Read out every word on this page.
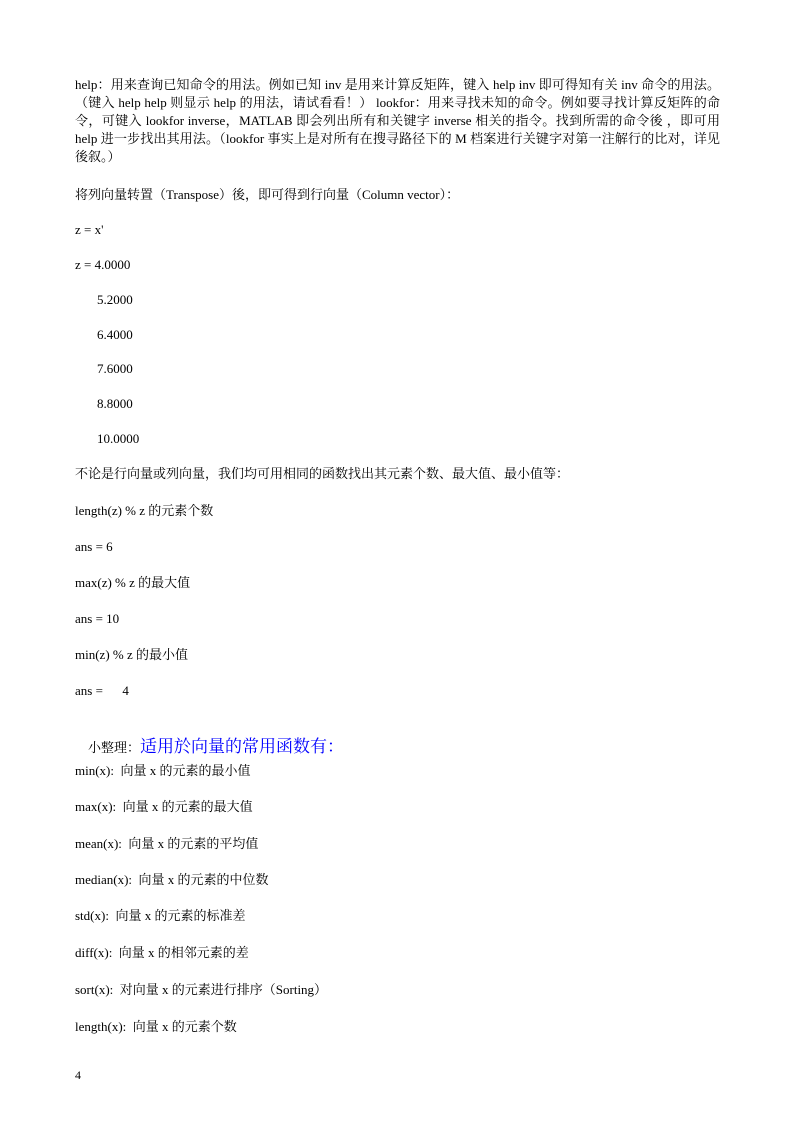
help：用来查询已知命令的用法。例如已知 inv 是用来计算反矩阵，键入 help inv 即可得知有关 inv 命令的用法。（键入 help help 则显示 help 的用法，请试看看！） lookfor：用来寻找未知的命令。例如要寻找计算反矩阵的命令，可键入 lookfor inverse，MATLAB 即会列出所有和关键字 inverse 相关的指令。找到所需的命令後 ，即可用 help 进一步找出其用法。（lookfor 事实上是对所有在搜寻路径下的 M 档案进行关键字对第一注解行的比对，详见後叙。）
将列向量转置（Transpose）後，即可得到行向量（Column vector）：
z = x'
z = 4.0000
5.2000
6.4000
7.6000
8.8000
10.0000
不论是行向量或列向量，我们均可用相同的函数找出其元素个数、最大值、最小值等：
length(z) % z 的元素个数
ans = 6
max(z) % z 的最大值
ans = 10
min(z) % z 的最小值
ans =      4

小整理：适用於向量的常用函数有：

min(x):  向量 x 的元素的最小值
max(x):  向量 x 的元素的最大值
mean(x):  向量 x 的元素的平均值
median(x):  向量 x 的元素的中位数
std(x):  向量 x 的元素的标准差
diff(x):  向量 x 的相邻元素的差
sort(x):  对向量 x 的元素进行排序（Sorting）
length(x):  向量 x 的元素个数
4
